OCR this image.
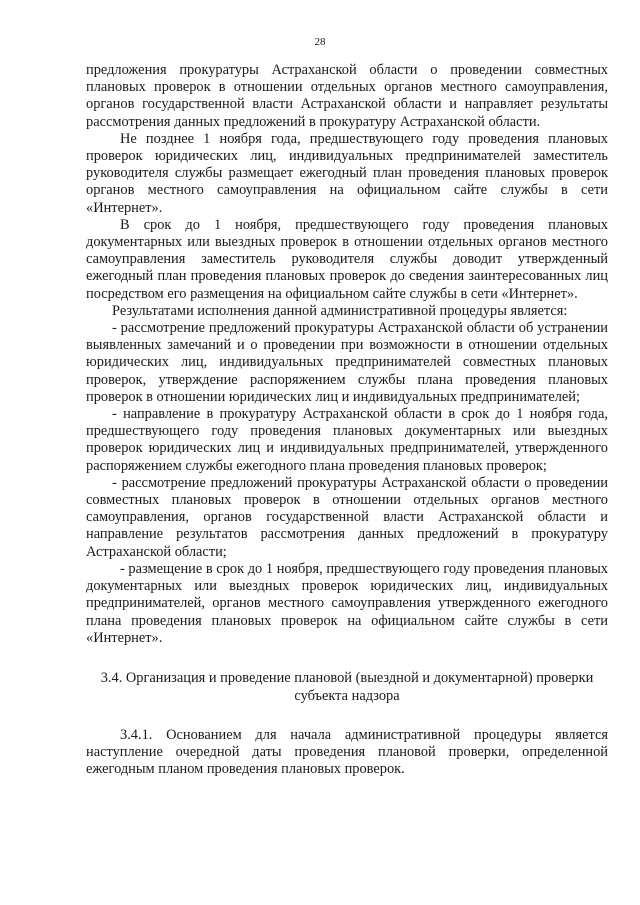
28

предложения прокуратуры Астраханской области о проведении совместных плановых проверок в отношении отдельных органов местного самоуправления, органов государственной власти Астраханской области и направляет результаты рассмотрения данных предложений в прокуратуру Астраханской области.

Не позднее 1 ноября года, предшествующего году проведения плановых проверок юридических лиц, индивидуальных предпринимателей заместитель руководителя службы размещает ежегодный план проведения плановых проверок органов местного самоуправления на официальном сайте службы в сети «Интернет».

В срок до 1 ноября, предшествующего году проведения плановых документарных или выездных проверок в отношении отдельных органов местного самоуправления заместитель руководителя службы доводит утвержденный ежегодный план проведения плановых проверок до сведения заинтересованных лиц посредством его размещения на официальном сайте службы в сети «Интернет».

Результатами исполнения данной административной процедуры является:

- рассмотрение предложений прокуратуры Астраханской области об устранении выявленных замечаний и о проведении при возможности в отношении отдельных юридических лиц, индивидуальных предпринимателей совместных плановых проверок, утверждение распоряжением службы плана проведения плановых проверок в отношении юридических лиц и индивидуальных предпринимателей;

- направление в прокуратуру Астраханской области в срок до 1 ноября года, предшествующего году проведения плановых документарных или выездных проверок юридических лиц и индивидуальных предпринимателей, утвержденного распоряжением службы ежегодного плана проведения плановых проверок;

- рассмотрение предложений прокуратуры Астраханской области о проведении совместных плановых проверок в отношении отдельных органов местного самоуправления, органов государственной власти Астраханской области и направление результатов рассмотрения данных предложений в прокуратуру Астраханской области;

- размещение в срок до 1 ноября, предшествующего году проведения плановых документарных или выездных проверок юридических лиц, индивидуальных предпринимателей, органов местного самоуправления утвержденного ежегодного плана проведения плановых проверок на официальном сайте службы в сети «Интернет».

3.4. Организация и проведение плановой (выездной и документарной) проверки субъекта надзора

3.4.1. Основанием для начала административной процедуры является наступление очередной даты проведения плановой проверки, определенной ежегодным планом проведения плановых проверок.
